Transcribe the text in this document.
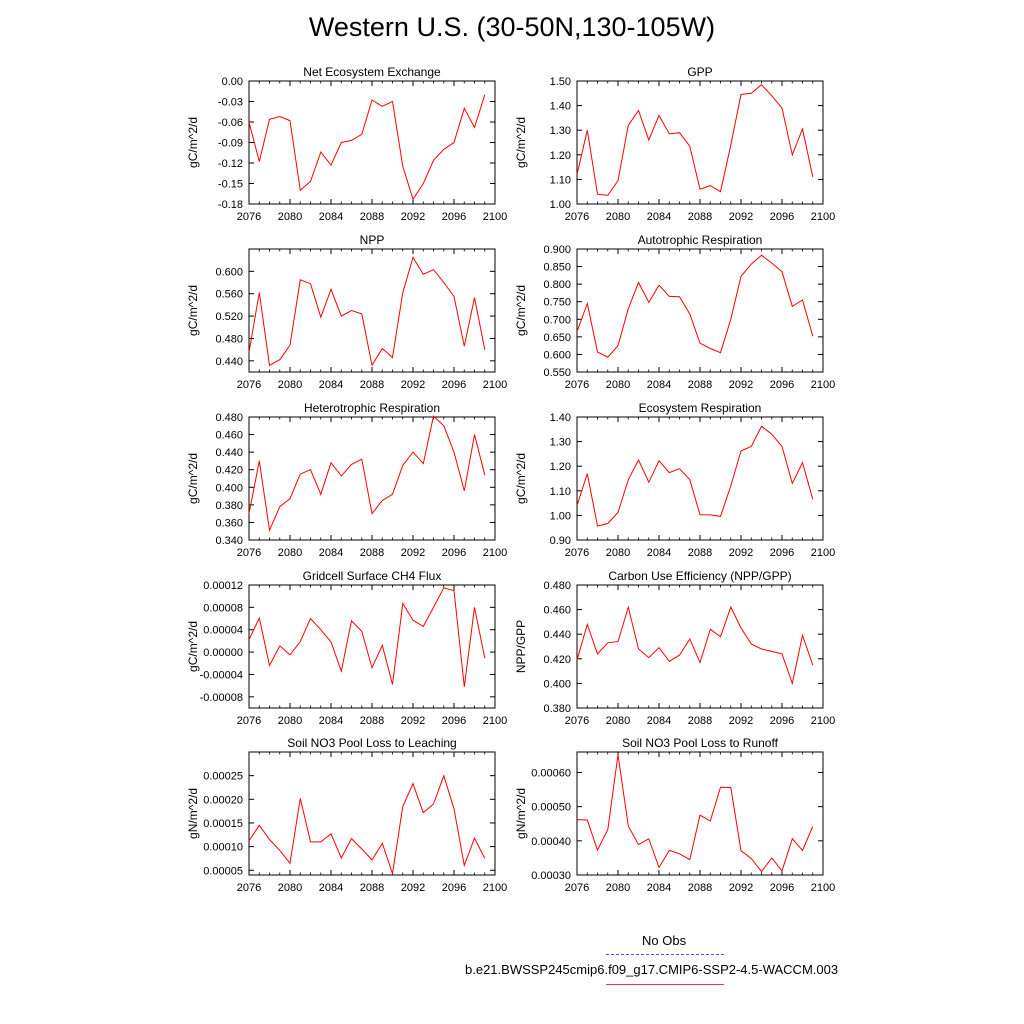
Western U.S. (30-50N,130-105W)
Net Ecosystem Exchange
gC/m^2/d
2076 2080 2084 2088 2092 2096 2100
0.00
-0.03
-0.06
-0.09
-0.12
-0.15
-0.18
GPP
gC/m^2/d
2076 2080 2084 2088 2092 2096 2100
1.00
1.10
1.20
1.30
1.40
1.50
NPP
gC/m^2/d
2076 2080 2084 2088 2092 2096 2100
0.440
0.480
0.520
0.560
0.600
Autotrophic Respiration
gC/m^2/d
2076 2080 2084 2088 2092 2096 2100
0.550
0.600
0.650
0.700
0.750
0.800
0.850
0.900
Heterotrophic Respiration
gC/m^2/d
2076 2080 2084 2088 2092 2096 2100
0.340
0.360
0.380
0.400
0.420
0.440
0.460
0.480
Ecosystem Respiration
gC/m^2/d
2076 2080 2084 2088 2092 2096 2100
0.90
1.00
1.10
1.20
1.30
1.40
Gridcell Surface CH4 Flux
gC/m^2/d
2076 2080 2084 2088 2092 2096 2100
-0.00008
-0.00004
0.00000
0.00004
0.00008
0.00012
Carbon Use Efficiency (NPP/GPP)
NPP/GPP
2076 2080 2084 2088 2092 2096 2100
0.380
0.400
0.420
0.440
0.460
0.480
Soil NO3 Pool Loss to Leaching
gN/m^2/d
2076 2080 2084 2088 2092 2096 2100
0.00005
0.00010
0.00015
0.00020
0.00025
Soil NO3 Pool Loss to Runoff
gN/m^2/d
2076 2080 2084 2088 2092 2096 2100
0.00030
0.00040
0.00050
0.00060
No Obs
b.e21.BWSSP245cmip6.f09_g17.CMIP6-SSP2-4.5-WACCM.003
